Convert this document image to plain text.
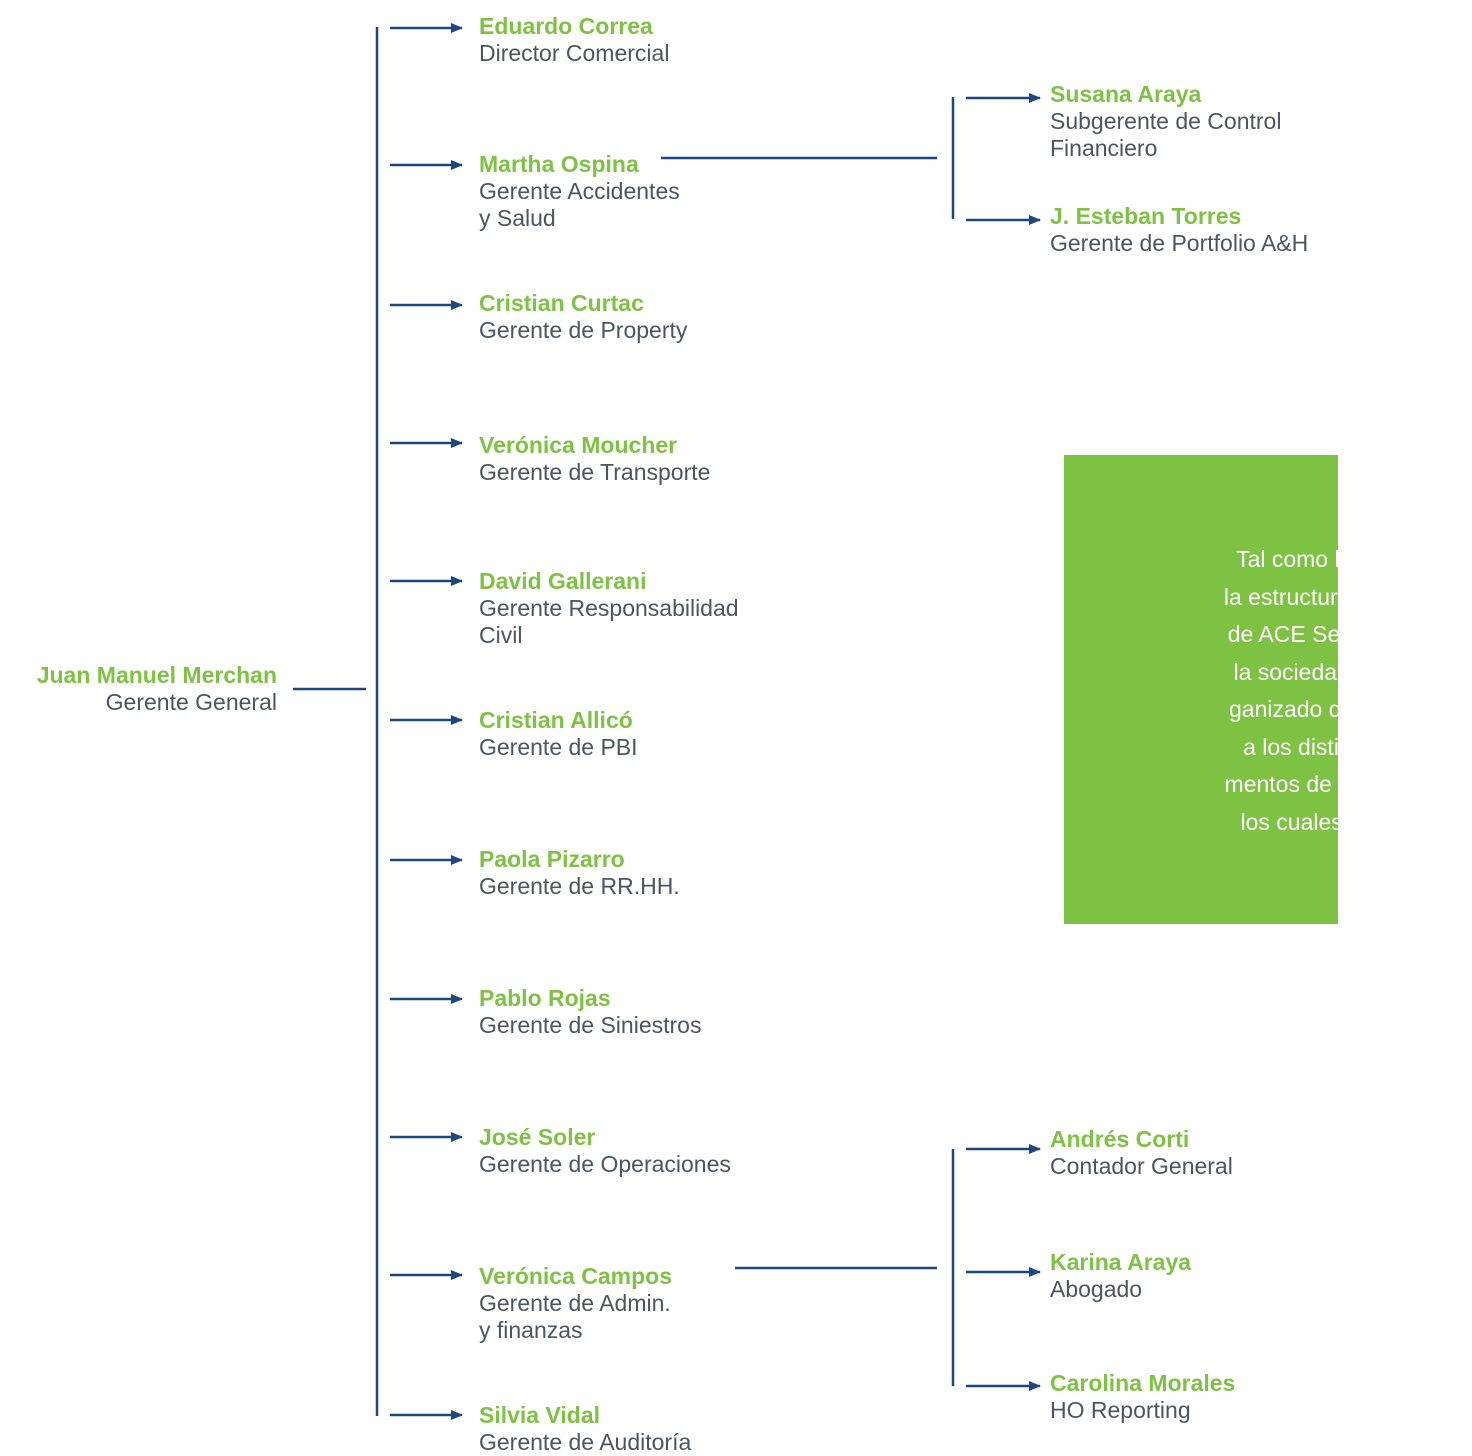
Juan Manuel Merchan
Gerente General
Eduardo Correa
Director Comercial
Martha Ospina
Gerente Accidentes
y Salud
Cristian Curtac
Gerente de Property
Verónica Moucher
Gerente de Transporte
David Gallerani
Gerente Responsabilidad
Civil
Cristian Allicó
Gerente de PBI
Paola Pizarro
Gerente de RR.HH.
Pablo Rojas
Gerente de Siniestros
José Soler
Gerente de Operaciones
Verónica Campos
Gerente de Admin.
y finanzas
Silvia Vidal
Gerente de Auditoría
Susana Araya
Subgerente de Control
Financiero
J. Esteban Torres
Gerente de Portfolio A&H
Andrés Corti
Contador General
Karina Araya
Abogado
Carolina Morales
HO Reporting
Tal como lo m
la estructura ger
de ACE Seguro
la sociedad se
ganizado de ac
a los distinto
mentos de merc
los cuales se
